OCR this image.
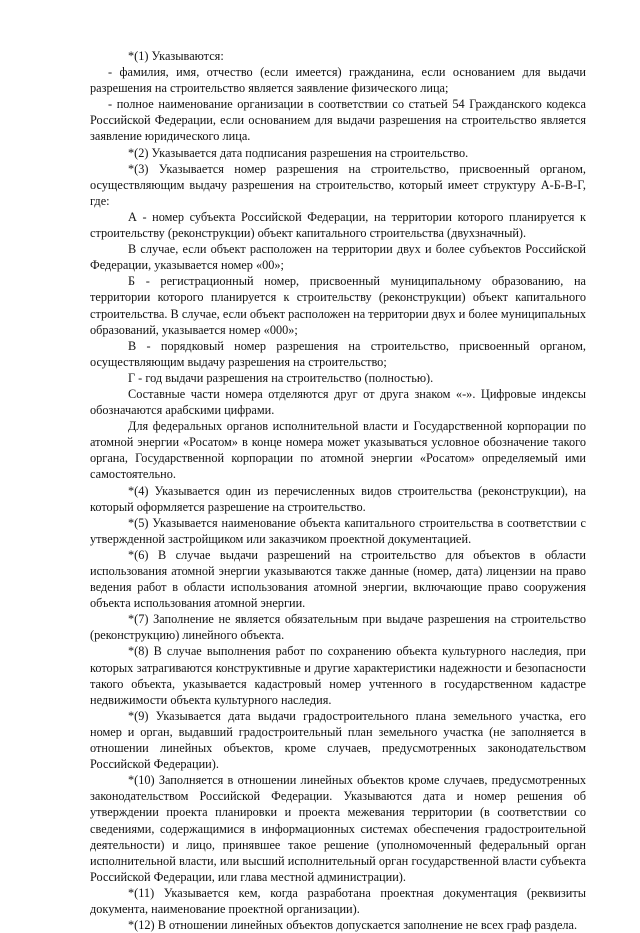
*(1) Указываются:

- фамилия, имя, отчество (если имеется) гражданина, если основанием для выдачи разрешения на строительство является заявление физического лица;

- полное наименование организации в соответствии со статьей 54 Гражданского кодекса Российской Федерации, если основанием для выдачи разрешения на строительство является заявление юридического лица.

*(2) Указывается дата подписания разрешения на строительство.

*(3) Указывается номер разрешения на строительство, присвоенный органом, осуществляющим выдачу разрешения на строительство, который имеет структуру А-Б-В-Г, где:

А - номер субъекта Российской Федерации, на территории которого планируется к строительству (реконструкции) объект капитального строительства (двухзначный).

В случае, если объект расположен на территории двух и более субъектов Российской Федерации, указывается номер «00»;

Б - регистрационный номер, присвоенный муниципальному образованию, на территории которого планируется к строительству (реконструкции) объект капитального строительства. В случае, если объект расположен на территории двух и более муниципальных образований, указывается номер «000»;

В - порядковый номер разрешения на строительство, присвоенный органом, осуществляющим выдачу разрешения на строительство;

Г - год выдачи разрешения на строительство (полностью).

Составные части номера отделяются друг от друга знаком «-». Цифровые индексы обозначаются арабскими цифрами.

Для федеральных органов исполнительной власти и Государственной корпорации по атомной энергии «Росатом» в конце номера может указываться условное обозначение такого органа, Государственной корпорации по атомной энергии «Росатом» определяемый ими самостоятельно.

*(4) Указывается один из перечисленных видов строительства (реконструкции), на который оформляется разрешение на строительство.

*(5) Указывается наименование объекта капитального строительства в соответствии с утвержденной застройщиком или заказчиком проектной документацией.

*(6) В случае выдачи разрешений на строительство для объектов в области использования атомной энергии указываются также данные (номер, дата) лицензии на право ведения работ в области использования атомной энергии, включающие право сооружения объекта использования атомной энергии.

*(7) Заполнение не является обязательным при выдаче разрешения на строительство (реконструкцию) линейного объекта.

*(8) В случае выполнения работ по сохранению объекта культурного наследия, при которых затрагиваются конструктивные и другие характеристики надежности и безопасности такого объекта, указывается кадастровый номер учтенного в государственном кадастре недвижимости объекта культурного наследия.

*(9) Указывается дата выдачи градостроительного плана земельного участка, его номер и орган, выдавший градостроительный план земельного участка (не заполняется в отношении линейных объектов, кроме случаев, предусмотренных законодательством Российской Федерации).

*(10) Заполняется в отношении линейных объектов кроме случаев, предусмотренных законодательством Российской Федерации. Указываются дата и номер решения об утверждении проекта планировки и проекта межевания территории (в соответствии со сведениями, содержащимися в информационных системах обеспечения градостроительной деятельности) и лицо, принявшее такое решение (уполномоченный федеральный орган исполнительной власти, или высший исполнительный орган государственной власти субъекта Российской Федерации, или глава местной администрации).

*(11) Указывается кем, когда разработана проектная документация (реквизиты документа, наименование проектной организации).

*(12) В отношении линейных объектов допускается заполнение не всех граф раздела.
